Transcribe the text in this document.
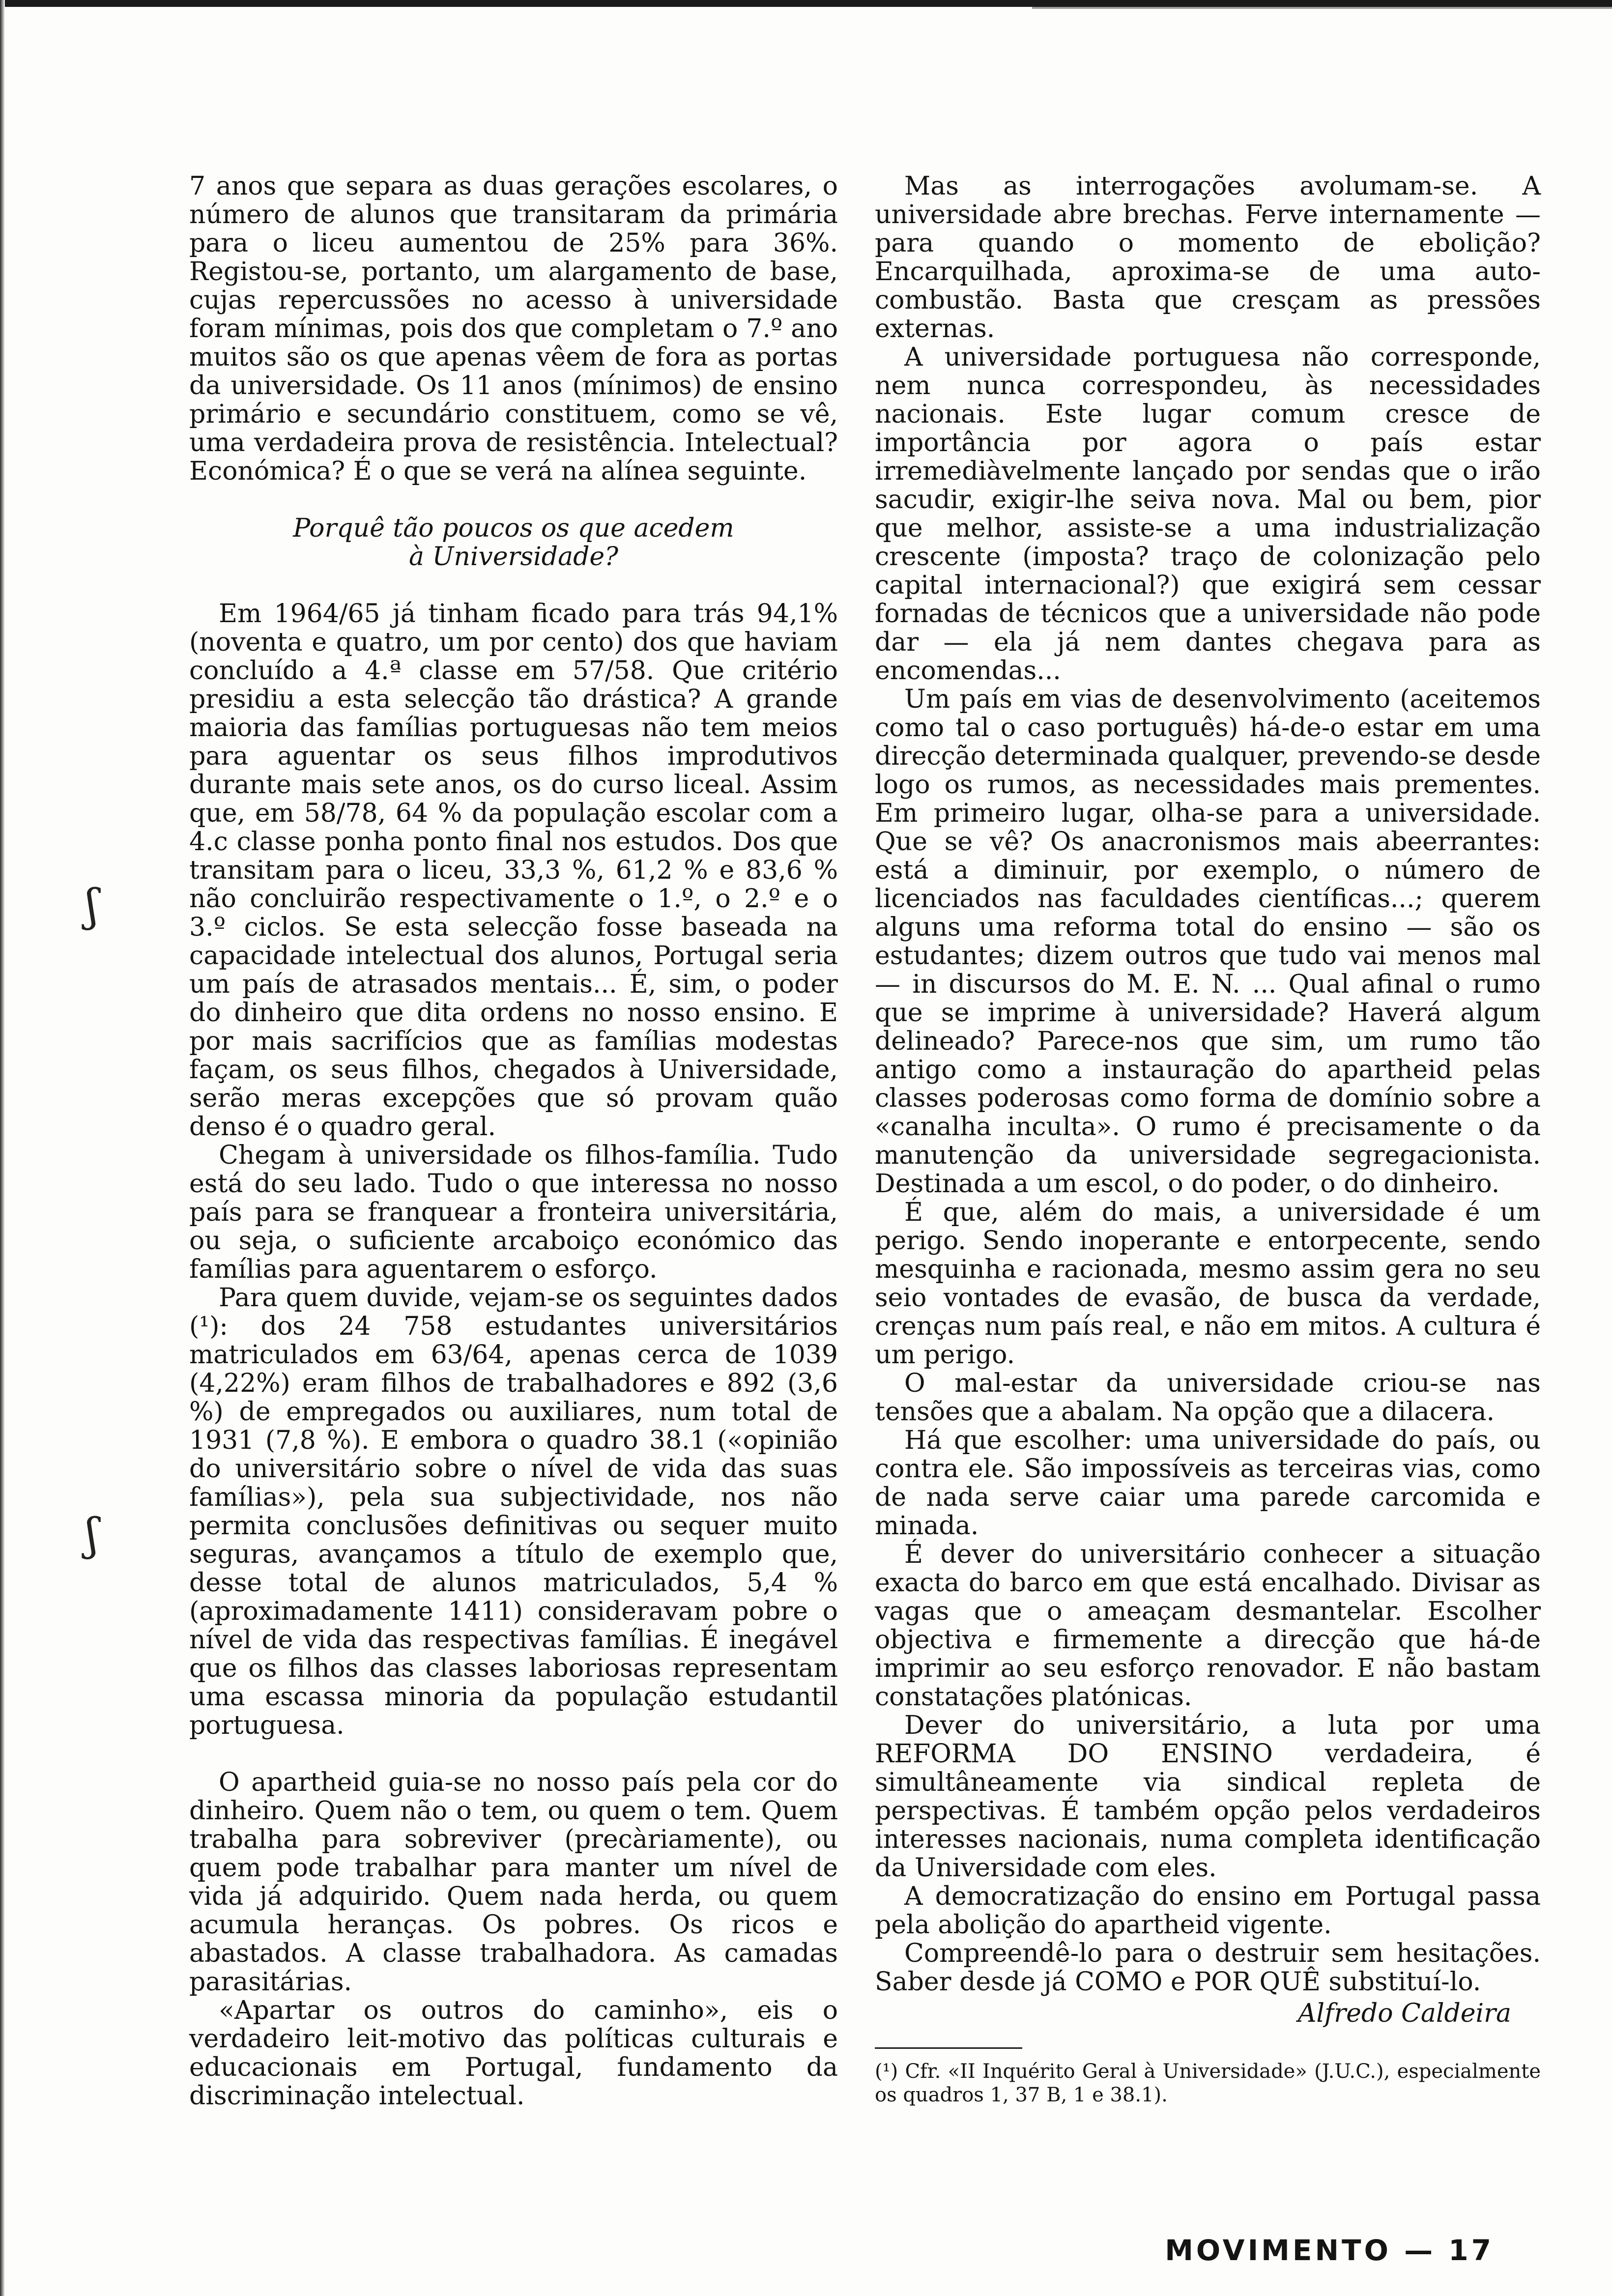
ʃ
ʃ

7 anos que separa as duas gerações escolares, o número de alunos que transitaram da primária para o liceu aumentou de 25% para 36%. Registou-se, portanto, um alargamento de base, cujas repercussões no acesso à universidade foram mínimas, pois dos que completam o 7.º ano muitos são os que apenas vêem de fora as portas da universidade. Os 11 anos (mínimos) de ensino primário e secundário constituem, como se vê, uma verdadeira prova de resistência. Intelectual? Económica? É o que se verá na alínea seguinte.

Porquê tão poucos os que acedem
à Universidade?

Em 1964/65 já tinham ficado para trás 94,1% (noventa e quatro, um por cento) dos que haviam concluído a 4.ª classe em 57/58. Que critério presidiu a esta selecção tão drástica? A grande maioria das famílias portuguesas não tem meios para aguentar os seus filhos improdutivos durante mais sete anos, os do curso liceal. Assim que, em 58/78, 64 % da população escolar com a 4.c classe ponha ponto final nos estudos. Dos que transitam para o liceu, 33,3 %, 61,2 % e 83,6 % não concluirão respectivamente o 1.º, o 2.º e o 3.º ciclos. Se esta selecção fosse baseada na capacidade intelectual dos alunos, Portugal seria um país de atrasados mentais... É, sim, o poder do dinheiro que dita ordens no nosso ensino. E por mais sacrifícios que as famílias modestas façam, os seus filhos, chegados à Universidade, serão meras excepções que só provam quão denso é o quadro geral.

Chegam à universidade os filhos-família. Tudo está do seu lado. Tudo o que interessa no nosso país para se franquear a fronteira universitária, ou seja, o suficiente arcaboiço económico das famílias para aguentarem o esforço.

Para quem duvide, vejam-se os seguintes dados (¹): dos 24 758 estudantes universitários matriculados em 63/64, apenas cerca de 1039 (4,22%) eram filhos de trabalhadores e 892 (3,6 %) de empregados ou auxiliares, num total de 1931 (7,8 %). E embora o quadro 38.1 («opinião do universitário sobre o nível de vida das suas famílias»), pela sua subjectividade, nos não permita conclusões definitivas ou sequer muito seguras, avançamos a título de exemplo que, desse total de alunos matriculados, 5,4 % (aproximadamente 1411) consideravam pobre o nível de vida das respectivas famílias. É inegável que os filhos das classes laboriosas representam uma escassa minoria da população estudantil portuguesa.

O apartheid guia-se no nosso país pela cor do dinheiro. Quem não o tem, ou quem o tem. Quem trabalha para sobreviver (precàriamente), ou quem pode trabalhar para manter um nível de vida já adquirido. Quem nada herda, ou quem acumula heranças. Os pobres. Os ricos e abastados. A classe trabalhadora. As camadas parasitárias.

«Apartar os outros do caminho», eis o verdadeiro leit-motivo das políticas culturais e educacionais em Portugal, fundamento da discriminação intelectual.

Mas as interrogações avolumam-se. A universidade abre brechas. Ferve internamente — para quando o momento de ebolição? Encarquilhada, aproxima-se de uma auto-combustão. Basta que cresçam as pressões externas.

A universidade portuguesa não corresponde, nem nunca correspondeu, às necessidades nacionais. Este lugar comum cresce de importância por agora o país estar irremediàvelmente lançado por sendas que o irão sacudir, exigir-lhe seiva nova. Mal ou bem, pior que melhor, assiste-se a uma industrialização crescente (imposta? traço de colonização pelo capital internacional?) que exigirá sem cessar fornadas de técnicos que a universidade não pode dar — ela já nem dantes chegava para as encomendas...

Um país em vias de desenvolvimento (aceitemos como tal o caso português) há-de-o estar em uma direcção determinada qualquer, prevendo-se desde logo os rumos, as necessidades mais prementes. Em primeiro lugar, olha-se para a universidade. Que se vê? Os anacronismos mais abeerrantes: está a diminuir, por exemplo, o número de licenciados nas faculdades científicas...; querem alguns uma reforma total do ensino — são os estudantes; dizem outros que tudo vai menos mal — in discursos do M. E. N. ... Qual afinal o rumo que se imprime à universidade? Haverá algum delineado? Parece-nos que sim, um rumo tão antigo como a instauração do apartheid pelas classes poderosas como forma de domínio sobre a «canalha inculta». O rumo é precisamente o da manutenção da universidade segregacionista. Destinada a um escol, o do poder, o do dinheiro.

É que, além do mais, a universidade é um perigo. Sendo inoperante e entorpecente, sendo mesquinha e racionada, mesmo assim gera no seu seio vontades de evasão, de busca da verdade, crenças num país real, e não em mitos. A cultura é um perigo.

O mal-estar da universidade criou-se nas tensões que a abalam. Na opção que a dilacera.

Há que escolher: uma universidade do país, ou contra ele. São impossíveis as terceiras vias, como de nada serve caiar uma parede carcomida e minada.

É dever do universitário conhecer a situação exacta do barco em que está encalhado. Divisar as vagas que o ameaçam desmantelar. Escolher objectiva e firmemente a direcção que há-de imprimir ao seu esforço renovador. E não bastam constatações platónicas.

Dever do universitário, a luta por uma REFORMA DO ENSINO verdadeira, é simultâneamente via sindical repleta de perspectivas. É também opção pelos verdadeiros interesses nacionais, numa completa identificação da Universidade com eles.

A democratização do ensino em Portugal passa pela abolição do apartheid vigente.

Compreendê-lo para o destruir sem hesitações. Saber desde já COMO e POR QUÊ substituí-lo.

Alfredo Caldeira
(¹) Cfr. «II Inquérito Geral à Universidade» (J.U.C.), especialmente os quadros 1, 37 B, 1 e 38.1).
MOVIMENTO — 17
